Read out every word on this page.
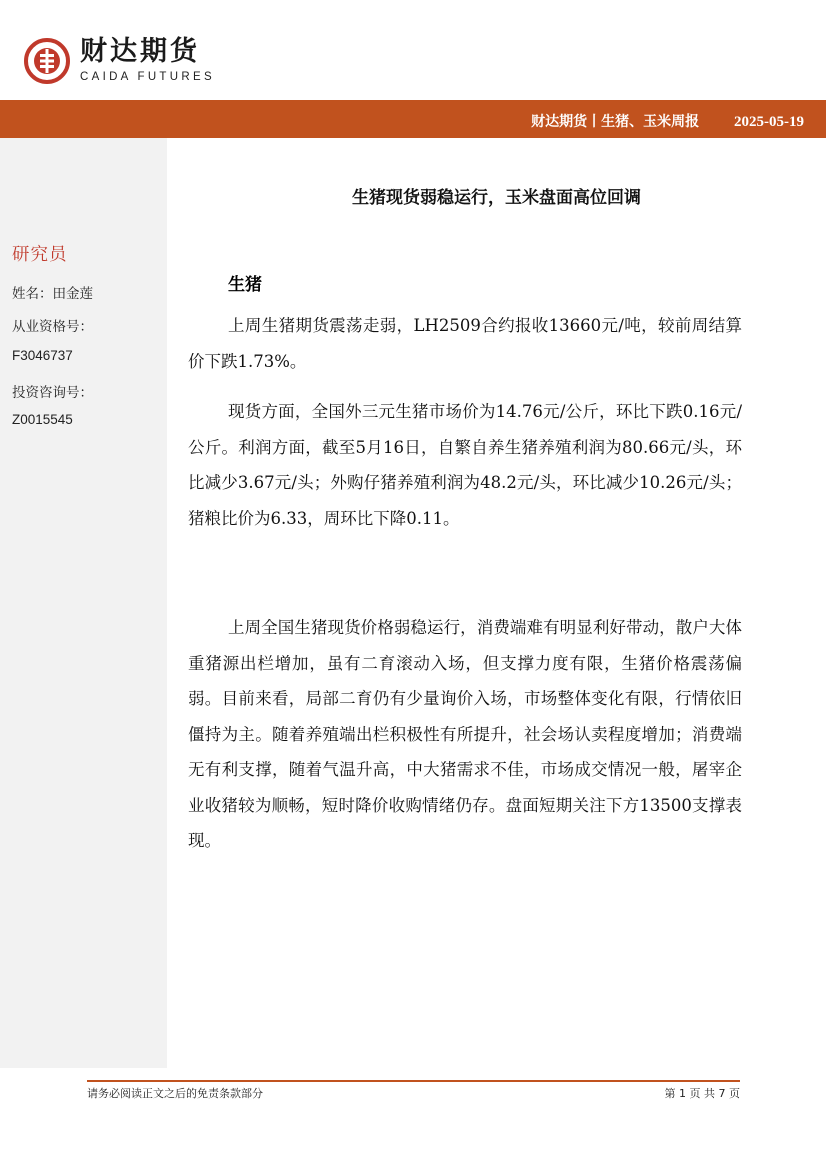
财达期货
CAIDA FUTURES
财达期货丨生猪、玉米周报 2025-05-19
研究员
姓名：田金莲
从业资格号：
F3046737
投资咨询号：
Z0015545
生猪现货弱稳运行，玉米盘面高位回调
生猪

上周生猪期货震荡走弱，LH2509合约报收13660元/吨，较前周结算价下跌1.73%。

现货方面，全国外三元生猪市场价为14.76元/公斤，环比下跌0.16元/公斤。利润方面，截至5月16日，自繁自养生猪养殖利润为80.66元/头，环比减少3.67元/头；外购仔猪养殖利润为48.2元/头，环比减少10.26元/头；猪粮比价为6.33，周环比下降0.11。

上周全国生猪现货价格弱稳运行，消费端难有明显利好带动，散户大体重猪源出栏增加，虽有二育滚动入场，但支撑力度有限，生猪价格震荡偏弱。目前来看，局部二育仍有少量询价入场，市场整体变化有限，行情依旧僵持为主。随着养殖端出栏积极性有所提升，社会场认卖程度增加；消费端无有利支撑，随着气温升高，中大猪需求不佳，市场成交情况一般，屠宰企业收猪较为顺畅，短时降价收购情绪仍存。盘面短期关注下方13500支撑表现。

请务必阅读正文之后的免责条款部分	第 1 页 共 7 页
